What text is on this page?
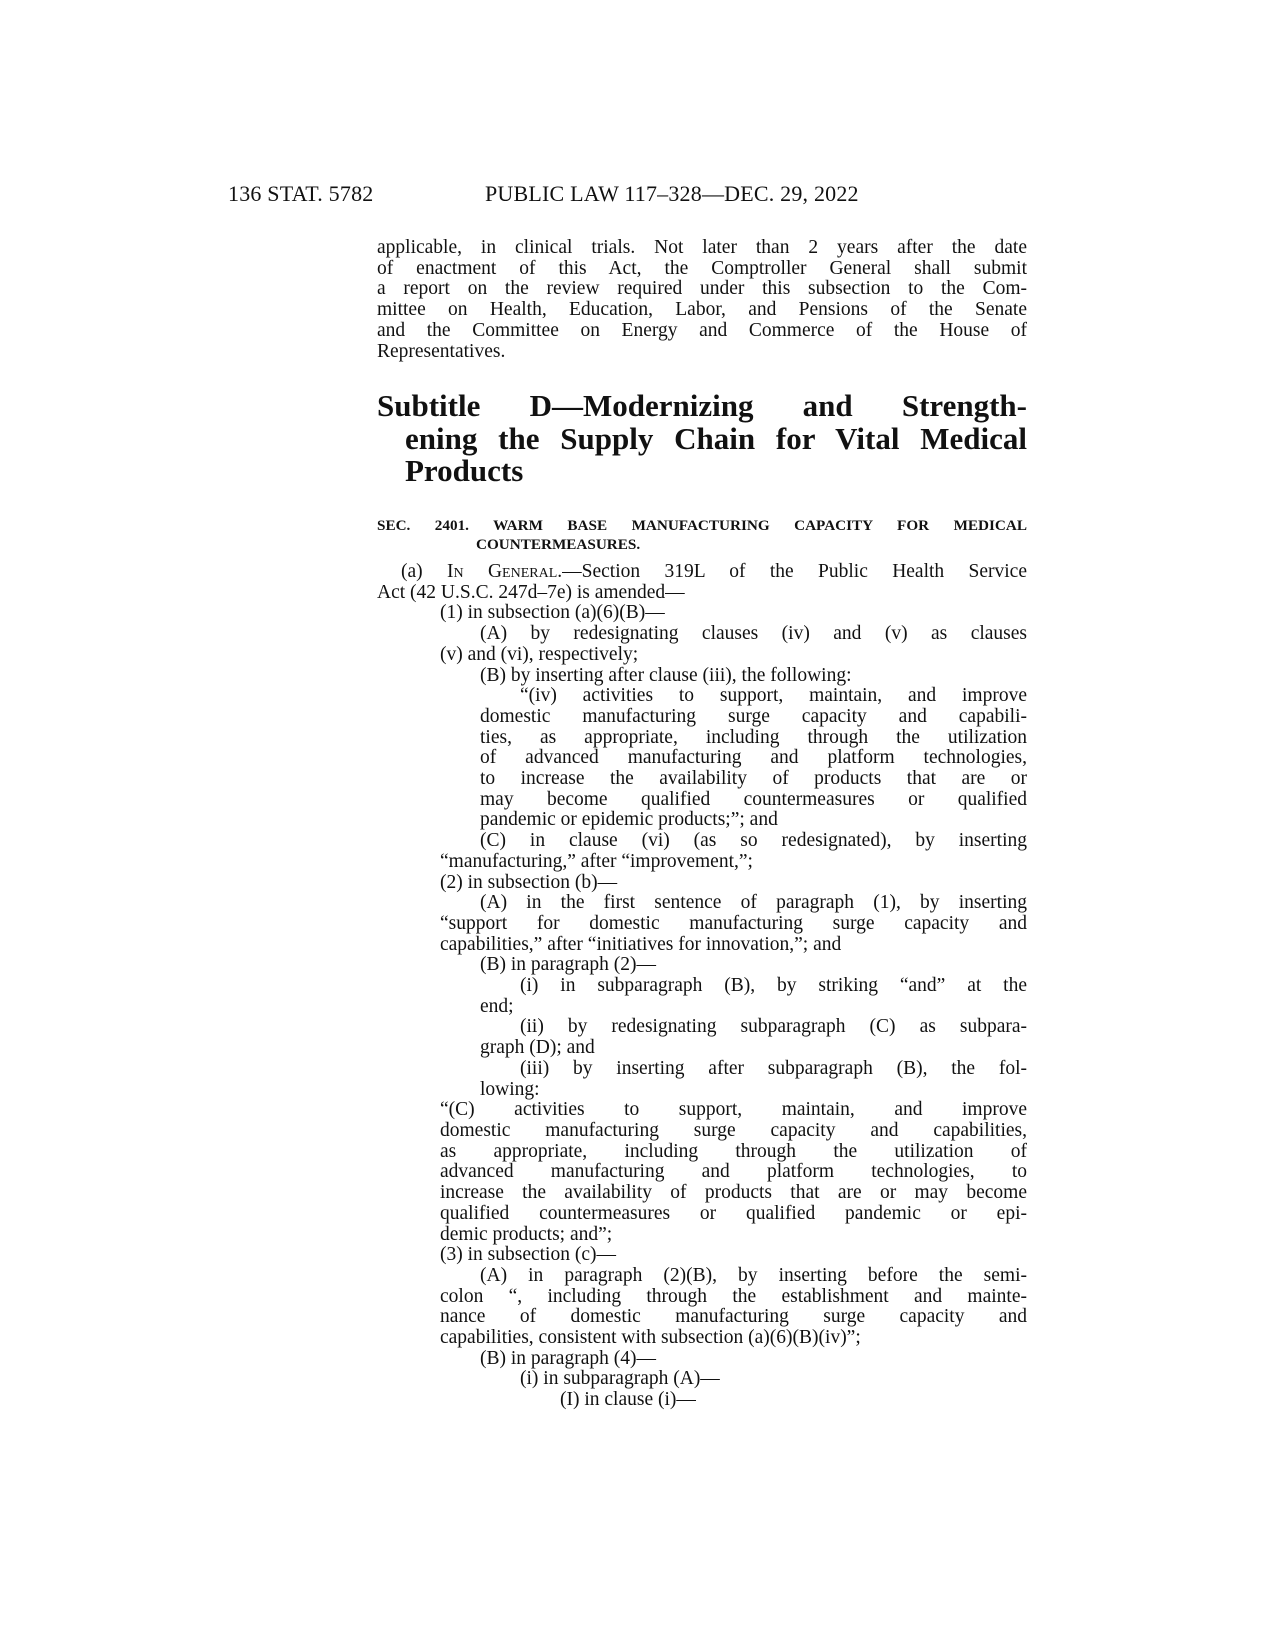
136 STAT. 5782	PUBLIC LAW 117–328—DEC. 29, 2022
applicable, in clinical trials. Not later than 2 years after the date
of enactment of this Act, the Comptroller General shall submit
a report on the review required under this subsection to the Com-
mittee on Health, Education, Labor, and Pensions of the Senate
and the Committee on Energy and Commerce of the House of
Representatives.
Subtitle D—Modernizing and Strength-
ening the Supply Chain for Vital Medical
Products
SEC. 2401. WARM BASE MANUFACTURING CAPACITY FOR MEDICAL
COUNTERMEASURES.
(a) In General.—Section 319L of the Public Health Service
Act (42 U.S.C. 247d–7e) is amended—
(1) in subsection (a)(6)(B)—
(A) by redesignating clauses (iv) and (v) as clauses
(v) and (vi), respectively;
(B) by inserting after clause (iii), the following:
“(iv) activities to support, maintain, and improve
domestic manufacturing surge capacity and capabili-
ties, as appropriate, including through the utilization
of advanced manufacturing and platform technologies,
to increase the availability of products that are or
may become qualified countermeasures or qualified
pandemic or epidemic products;”; and
(C) in clause (vi) (as so redesignated), by inserting
“manufacturing,” after “improvement,”;
(2) in subsection (b)—
(A) in the first sentence of paragraph (1), by inserting
“support for domestic manufacturing surge capacity and
capabilities,” after “initiatives for innovation,”; and
(B) in paragraph (2)—
(i) in subparagraph (B), by striking “and” at the
end;
(ii) by redesignating subparagraph (C) as subpara-
graph (D); and
(iii) by inserting after subparagraph (B), the fol-
lowing:
“(C) activities to support, maintain, and improve
domestic manufacturing surge capacity and capabilities,
as appropriate, including through the utilization of
advanced manufacturing and platform technologies, to
increase the availability of products that are or may become
qualified countermeasures or qualified pandemic or epi-
demic products; and”;
(3) in subsection (c)—
(A) in paragraph (2)(B), by inserting before the semi-
colon “, including through the establishment and mainte-
nance of domestic manufacturing surge capacity and
capabilities, consistent with subsection (a)(6)(B)(iv)”;
(B) in paragraph (4)—
(i) in subparagraph (A)—
(I) in clause (i)—
